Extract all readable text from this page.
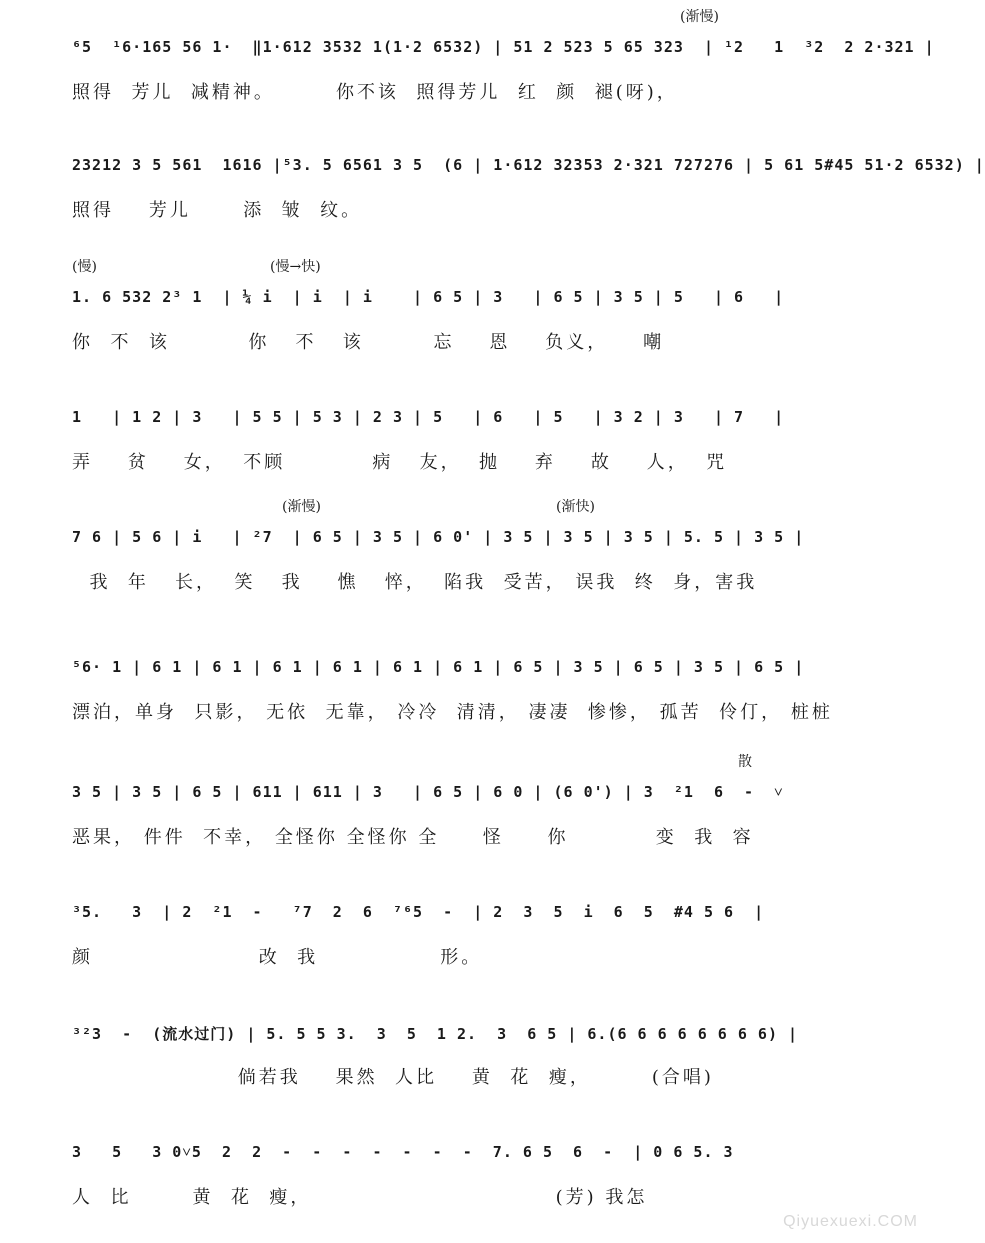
(渐慢)
⁶5  ¹6·165 56 1·  ‖1·612 3532 1(1·2 6532) | 51 2 523 5 65 323  | ¹2   1  ³2  2 2·321 |
照得  芳儿  减精神。       你不该  照得芳儿  红  颜  褪(呀)，
23212 3 5 561  1616 |⁵3. 5 6561 3 5  (6 | 1·612 32353 2·321 727276 | 5 61 5#45 51·2 6532) |
照得    芳儿      添  皱  纹。
(慢)	(慢→快)
1. 6 532 2³ 1  | ¼ i  | i  | i    | 6 5 | 3   | 6 5 | 3 5 | 5   | 6   |
你  不  该         你   不   该        忘    恩    负义，    嘲
1   | 1 2 | 3   | 5 5 | 5 3 | 2 3 | 5   | 6   | 5   | 3 2 | 3   | 7   |
弄    贫    女，  不顾          病   友，  抛    弃    故    人，  咒
(渐慢)	(渐快)
7 6 | 5 6 | i   | ²7  | 6 5 | 3 5 | 6 0' | 3 5 | 3 5 | 3 5 | 5. 5 | 3 5 |
我  年   长，  笑   我    憔   悴，  陷我  受苦， 误我  终  身，害我
⁵6· 1 | 6 1 | 6 1 | 6 1 | 6 1 | 6 1 | 6 1 | 6 5 | 3 5 | 6 5 | 3 5 | 6 5 |
漂泊，单身  只影， 无依  无靠， 冷冷  清清， 凄凄  惨惨， 孤苦  伶仃， 桩桩
散
3 5 | 3 5 | 6 5 | 611 | 611 | 3   | 6 5 | 6 0 | (6 0') | 3  ²1  6  -  ˅
恶果， 件件  不幸， 全怪你 全怪你 全     怪     你          变  我  容
³5.   3  | 2  ²1  -   ⁷7  2  6  ⁷⁶5  -  | 2  3  5  i  6  5  #4 5 6  |
颜                   改  我              形。
³²3  -  (流水过门) | 5. 5 5 3.  3  5  1 2.  3  6 5 | 6.(6 6 6 6 6 6 6 6) |
倘若我    果然  人比    黄  花  瘦，       (合唱)
3   5   3 0˅5  2  2  -  -  -  -  -  -  -  7. 6 5  6  -  | 0 6 5. 3
人  比       黄  花  瘦，                            (芳) 我怎
Qiyuexuexi.COM
